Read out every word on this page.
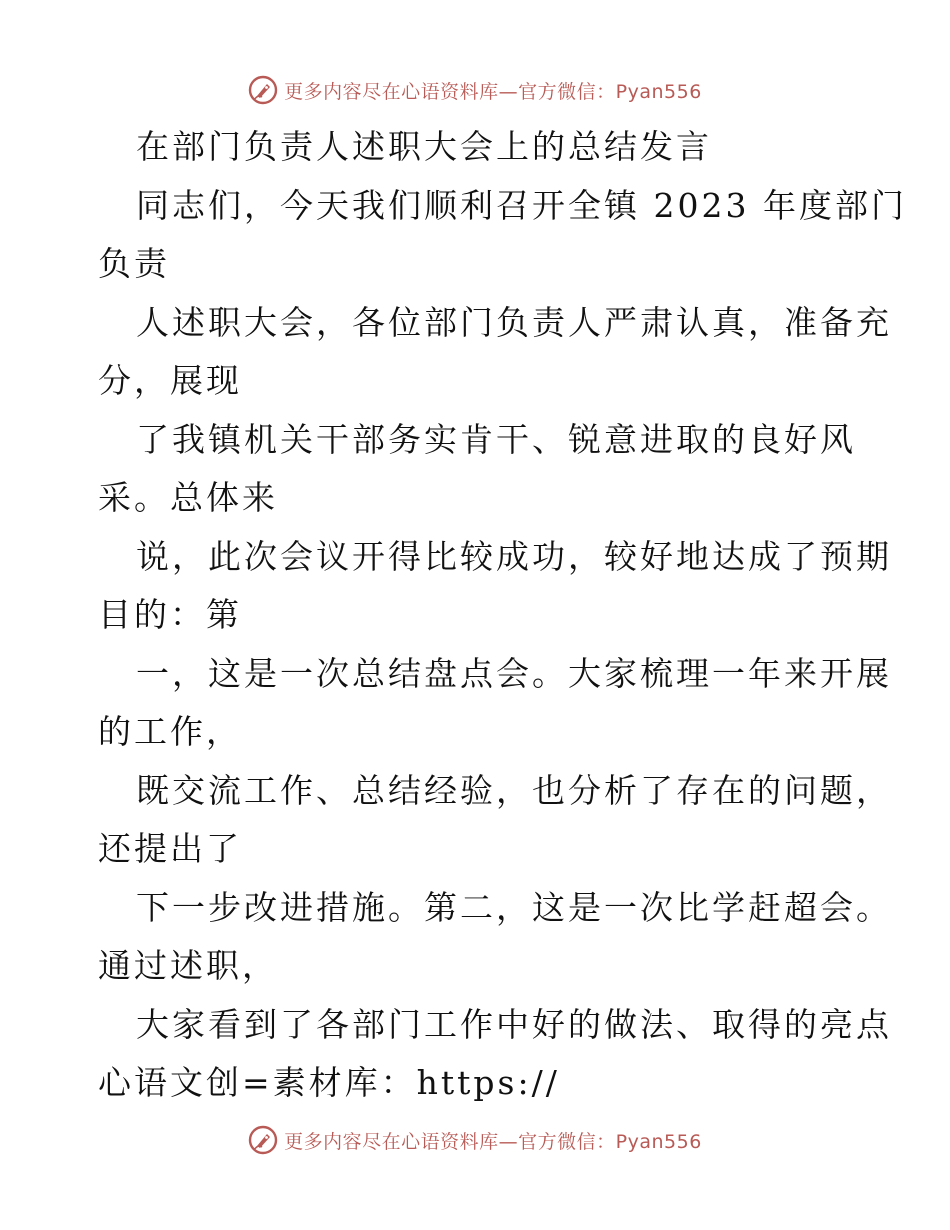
更多内容尽在心语资料库—官方微信：Pyan556

在部门负责人述职大会上的总结发言

同志们，今天我们顺利召开全镇 2023 年度部门

负责

人述职大会，各位部门负责人严肃认真，准备充

分，展现

了我镇机关干部务实肯干、锐意进取的良好风

采。总体来

说，此次会议开得比较成功，较好地达成了预期

目的：第

一，这是一次总结盘点会。大家梳理一年来开展

的工作，

既交流工作、总结经验，也分析了存在的问题，

还提出了

下一步改进措施。第二，这是一次比学赶超会。

通过述职，

大家看到了各部门工作中好的做法、取得的亮点

心语文创=素材库：https://

更多内容尽在心语资料库—官方微信：Pyan556
